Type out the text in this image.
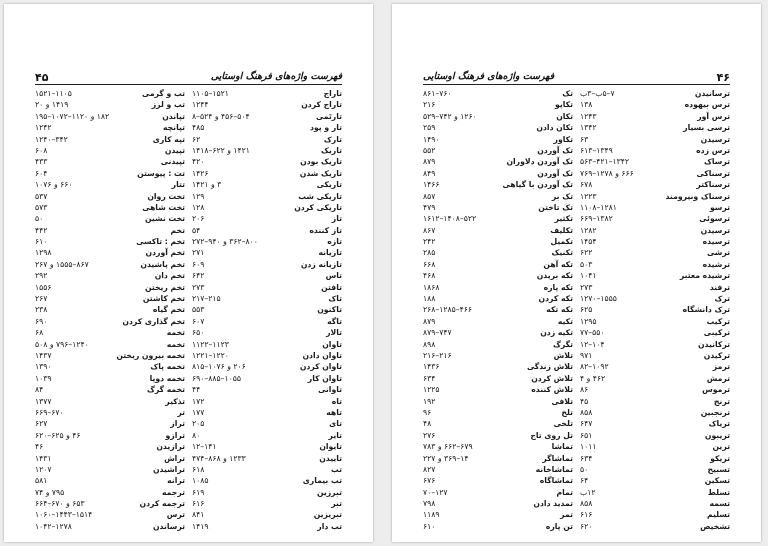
۴۵	فهرست واژه‌های فرهنگ اوستایی
تاراج
۱۵۲۱–۱۱۰۵
تاراج کردن
۱۲۴۴
تارتَمی
۵۰۴–۴۵۶ و ۵۲۴–۸
تار و پود
۴۸۵
تارک
۶۲
تاریک
۱۴۲۱ و ۶۲۲–۱۴۱۸
تاریک بودن
۴۲۰
تاریک شدن
۱۴۲۶
تاریکی
۳ و ۱۴۲۱
تاریکی شب
۱۲۹
تاریکی کردن
۱۲۸
تاز
۲۰۶
تاز کننده
۵۴
تازه
۸۰۰–۳۶۲ و ۹۴۰–۲۷۲
تازیانه
۲۷۱
تازیانه زدن
۶۰۹
تاس
۶۴۲
تافتن
۲۷۳
تاک
۲۱۵–۲۱۷
تاکنون
۵۵۳
تاگه
۶۰۷
تالار
۶۵۰
تاوان
۱۱۲۳–۱۱۲۲
تاوان دادن
۱۲۲۰–۱۲۲۱
تاوان کردن
۲۰۶ و ۱۰۷۶–۸۱۵
تاوان کار
۱۰۵۵–۸۸۵–۶۹۰
تاوانی
۴۴
تاه
۱۷۲
تاهه
۱۷۷
تای
۲۰۵
تایر
۸۰
تایوان
۱۴۱–۱۲
تاییدن
۱۲۳۳ و ۸۶۸–۴۷۴
تب
۶۱۸
تب بیماری
۱۰۸۵
تبرزین
۶۱۹
تبر
۶۱۶
تبریزین
۸۴۱
تب دار
۱۴۱۹
تب و گرمی
۱۱۰۵–۱۵۲۱
تب و لرز
۱۴۱۹ و ۲۰
تپاندن
۱۸۲ و ۱۱۲۰–۱۰۷۲–۱۹۵
تپانچه
۱۲۴۲
تپه کاری
۳۴۲–۱۲۴۰
تپیدن
۶۰۸
تپیدنی
۴۳۳
تت : پیوستن
۶۰۴
تتار
۶۶۰ و ۱۰۷۶
تخت روان
۵۳۷
تخت شاهی
۵۷۳
تخت نشین
۵۰
تخم
۴۴۲
تخم : تاکسی
۶۱۰
تخم آوردن
۱۲۹۸
تخم پاشیدن
۸۶۷–۱۵۵۵ و ۲۶۷
تخم دان
۲۹۲
تخم ریختن
۱۵۵۶
تخم کاشتن
۲۶۷
تخم گیاه
۲۳۸
تخم گذاری کردن
۶۹۰
تخمه
۶۸
تخمه
۱۲۴۰–۷۹۶ و ۵۰۸
تخمه بیرون ریختن
۱۴۳۷
تخمه پاک
۱۳۹۰
تخمه دوپا
۱۰۳۹
تخمه گرگ
۸۴
تذکیر
۱۳۷۷
تر
۶۷۰–۶۶۹
تراز
۶۲۷
ترازو
۴۶ و ۶۲۵–۶۲۰
ترازیدن
۴۶
تراش
۱۴۳۱
تراشیدن
۱۲۰۷
ترانه
۵۸۱
ترجمه
۷۹۵ و ۷۴
ترجمه کردن
۶۵۳ و ۶۷۰–۶۶۴
ترس
۱۵۱۴–۱۴۴۳–۱۰۶۰
ترساندن
۱۲۷۸–۱۰۴۲
۴۶
فهرست واژه‌های فرهنگ اوستایی
ترسانیدن
۷–۵ب–۳ب
ترس بیهوده
۱۳۸
ترس آور
۱۲۴۳
ترسی بسیار
۱۳۴۲
ترسیدن
۶۳
ترس زده
۱۳۴۹–۶۱۳
ترساک
۱۳۴۲–۴۲۱–۵۶۳
ترسناکی
۶۶۶ و ۱۲۷۸–۷۶۹
ترسناکتر
۶۷۸
ترسناک ونیرومند
۱۲۲۳
ترسو
۱۲۸۱–۱۱۰۸
ترسوئی
۱۳۸۲–۶۶۹
ترسیدن
۱۲۸۲
ترسیده
۱۴۵۴
ترشی
۶۲۲
ترشیده
۵۰۳
ترشیده معتبر
۱۰۴۱
ترفند
۲۷۳
ترک
۱۵۵۵–۱۲۷۰
ترک دانشگاه
۶۲۵
ترکیب
۱۲۹۵
ترکیبی
۵۵۰–۷۷
ترکانیدن
۱۰۴–۱۲
ترکیدن
۹۷۱
ترمز
۱۰۹۲–۸۲
ترمش
۴۶۲ و ۴
ترموس
۸۶
ترنج
۴۵
ترنجبین
۸۵۸
تریاک
۶۴۷
تریبون
۶۵۱
ترین
۱۰۱۱
تریکو
۶۳۴
تسبیح
۵۰
تسکین
۶۴
تسلط
۱۲ب
تسمه
۸۵۸
تسلیم
۶۱۶
تشخیص
۶۲۰
تک
۷۶۰–۸۶۱
تکاپو
۲۱۶
تکان
۱۲۶۰ و ۷۴۲–۵۲۹
تکان دادن
۲۵۹
تکاور
۱۴۹۰
تک آوردن
۵۵۲
تک آوردن دلاوران
۸۷۹
تک آوردن
۸۴۹
تک آوردن با گیاهی
۱۴۶۶
تک بر
۸۵۷
تک تاختن
۴۷۹
تکثیر
۵۲۲–۱۴۰۸–۱۶۱۲
تکلیف
۸۶۷
تکمیل
۲۴۲
تکنیک
۲۸۵
تکه آهن
۶۶۸
تکه بریدن
۴۶۸
تکه پاره
۱۸۶۸
تکه کردن
۱۸۸
تکه تکه
۴۶۶–۱۲۸۵–۲۶۸
تکیه
۸۷۹
تکیه زدن
۷۴۷–۸۷۹
تگرگ
۸۹۸
تلاش
۲۱۶–۲۱۶
تلاش زندگی
۱۴۳۶
تلاش کردن
۶۳۴
تلاش کننده
۱۲۲۵
تلافی
۱۹۲
تلخ
۹۶
تلخی
۴۸
تل روی تاج
۲۷۶
تماشا
۶۷۹–۶۶۲ و ۷۸۳
تماشاگر
۱۴–۳۶۹ و ۲۲۷
تماشاخانه
۸۲۷
تماشاگاه
۶۷۶
تمام
۱۲۷–۷۰
تمدید دادن
۷۹۸
تمر
۱۱۸۹
تن پاره
۶۱۰
